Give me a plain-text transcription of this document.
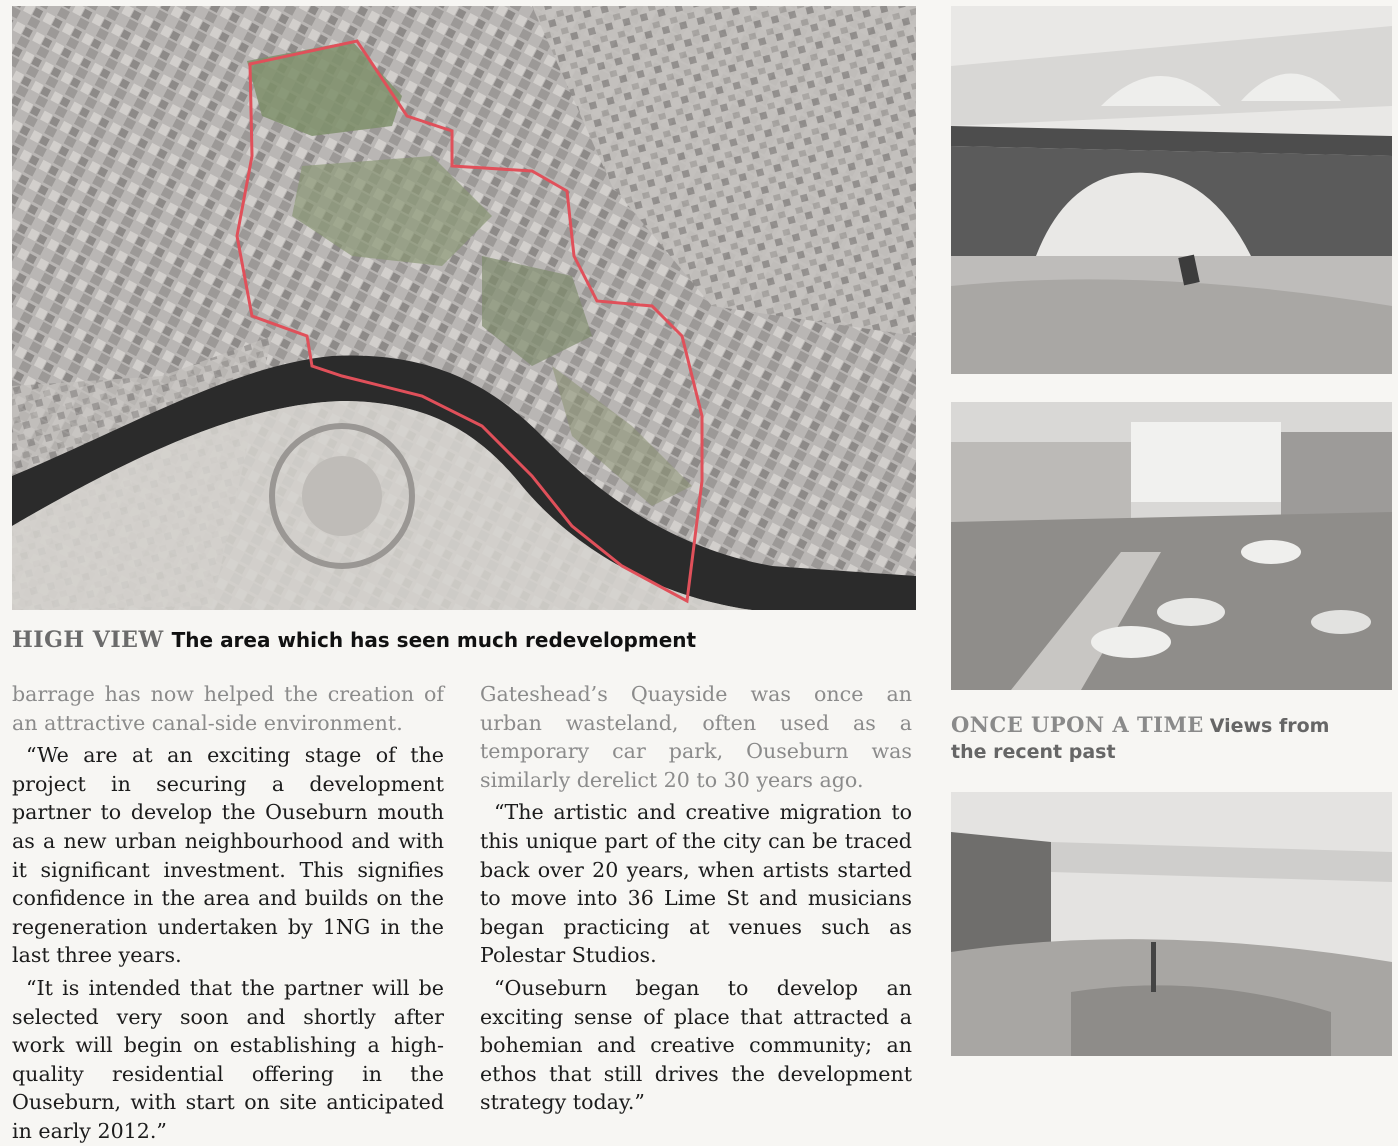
HIGH VIEW The area which has seen much redevelopment

barrage has now helped the creation of an attractive canal-side environment.

“We are at an exciting stage of the project in securing a development partner to develop the Ouseburn mouth as a new urban neighbourhood and with it significant investment. This signifies confidence in the area and builds on the regeneration undertaken by 1NG in the last three years.

“It is intended that the partner will be selected very soon and shortly after work will begin on establishing a high-quality residential offering in the Ouseburn, with start on site anticipated in early 2012.”

Gateshead’s Quayside was once an urban wasteland, often used as a temporary car park, Ouseburn was similarly derelict 20 to 30 years ago.

“The artistic and creative migration to this unique part of the city can be traced back over 20 years, when artists started to move into 36 Lime St and musicians began practicing at venues such as Polestar Studios.

“Ouseburn began to develop an exciting sense of place that attracted a bohemian and creative community; an ethos that still drives the development strategy today.”

ONCE UPON A TIME Views from the recent past
